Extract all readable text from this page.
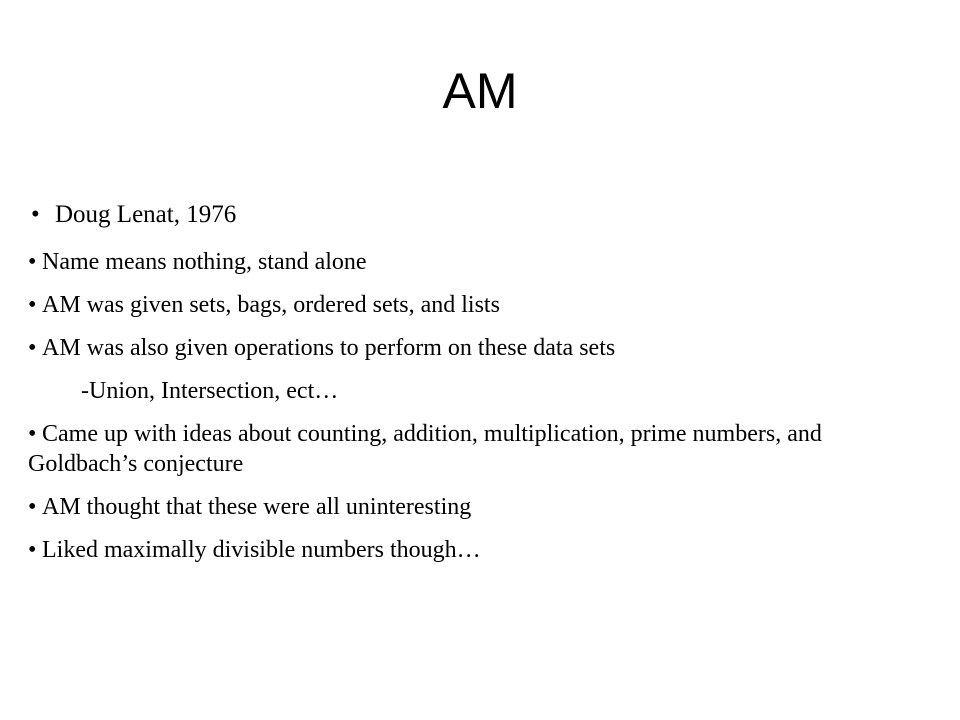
AM
• Doug Lenat, 1976
• Name means nothing, stand alone
• AM was given sets, bags, ordered sets, and lists
• AM was also given operations to perform on these data sets
-Union, Intersection, ect…
• Came up with ideas about counting, addition, multiplication, prime numbers, and Goldbach’s conjecture
• AM thought that these were all uninteresting
• Liked maximally divisible numbers though…
